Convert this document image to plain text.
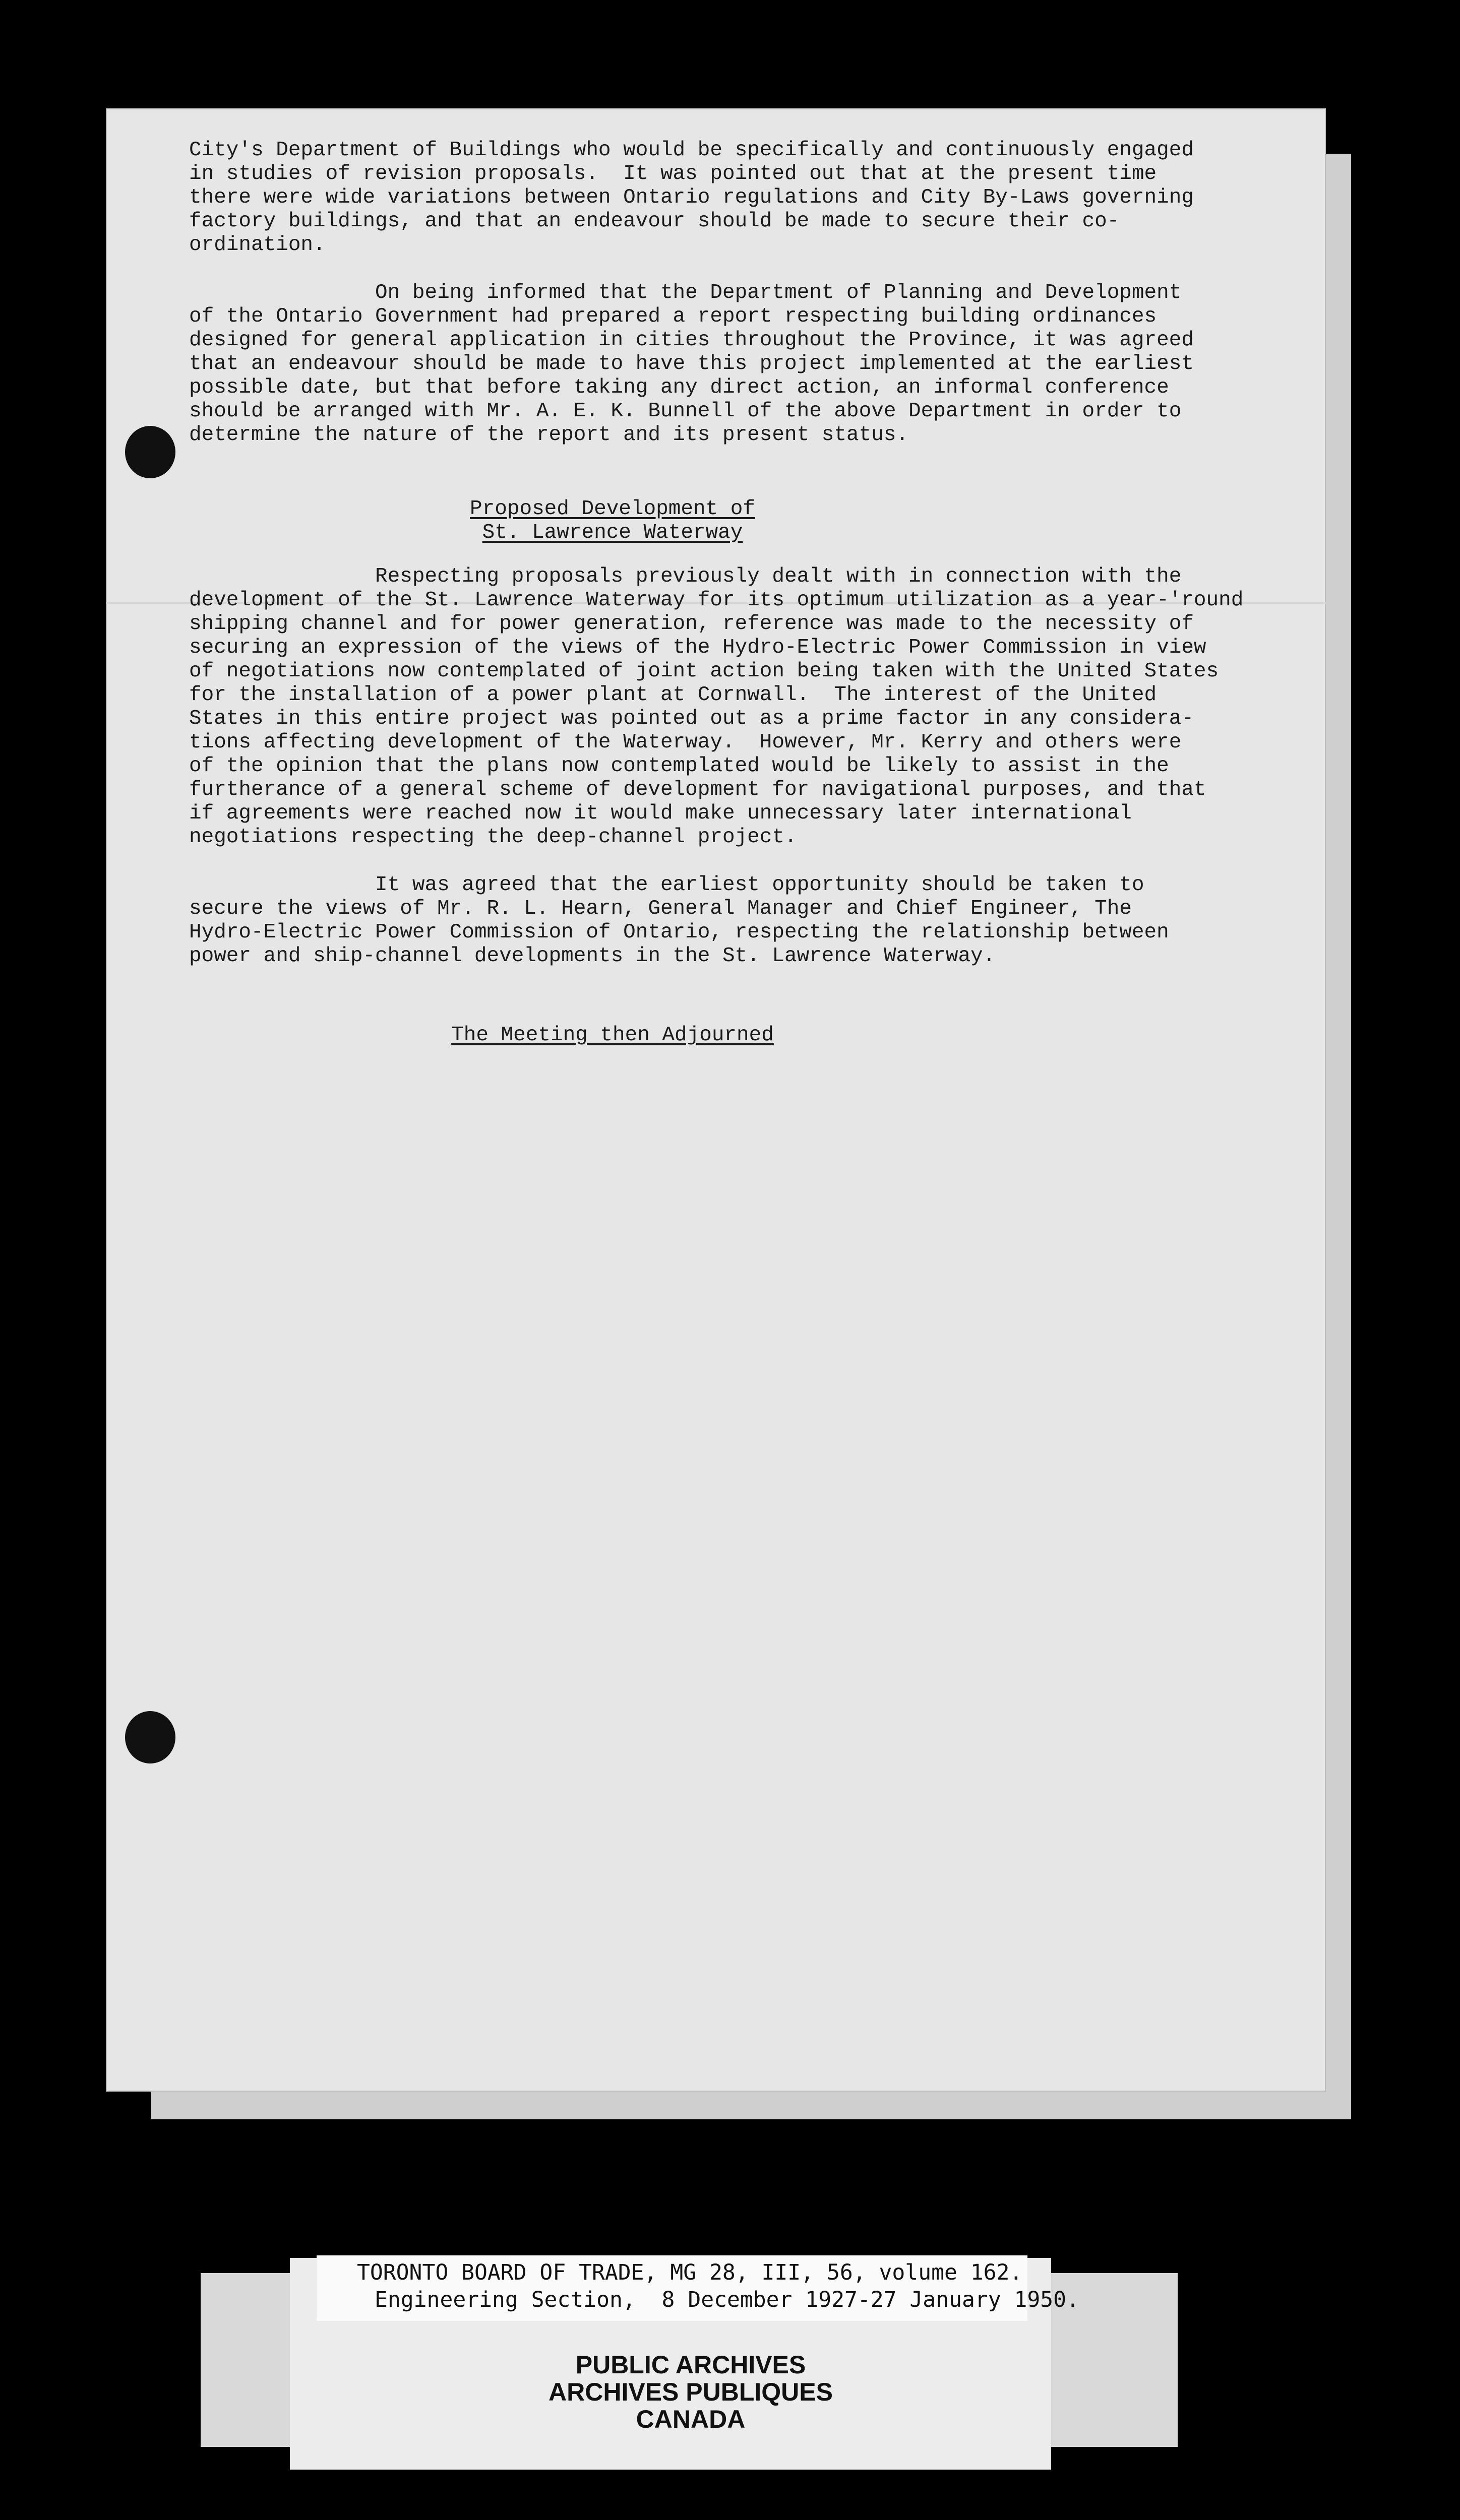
City's Department of Buildings who would be specifically and continuously engaged
in studies of revision proposals.  It was pointed out that at the present time
there were wide variations between Ontario regulations and City By-Laws governing
factory buildings, and that an endeavour should be made to secure their co-
ordination.

On being informed that the Department of Planning and Development
of the Ontario Government had prepared a report respecting building ordinances
designed for general application in cities throughout the Province, it was agreed
that an endeavour should be made to have this project implemented at the earliest
possible date, but that before taking any direct action, an informal conference
should be arranged with Mr. A. E. K. Bunnell of the above Department in order to
determine the nature of the report and its present status.

Proposed Development of
St. Lawrence Waterway

Respecting proposals previously dealt with in connection with the
development of the St. Lawrence Waterway for its optimum utilization as a year-'round
shipping channel and for power generation, reference was made to the necessity of
securing an expression of the views of the Hydro-Electric Power Commission in view
of negotiations now contemplated of joint action being taken with the United States
for the installation of a power plant at Cornwall.  The interest of the United
States in this entire project was pointed out as a prime factor in any considera-
tions affecting development of the Waterway.  However, Mr. Kerry and others were
of the opinion that the plans now contemplated would be likely to assist in the
furtherance of a general scheme of development for navigational purposes, and that
if agreements were reached now it would make unnecessary later international
negotiations respecting the deep-channel project.

It was agreed that the earliest opportunity should be taken to
secure the views of Mr. R. L. Hearn, General Manager and Chief Engineer, The
Hydro-Electric Power Commission of Ontario, respecting the relationship between
power and ship-channel developments in the St. Lawrence Waterway.

The Meeting then Adjourned
TORONTO BOARD OF TRADE, MG 28, III, 56, volume 162.
Engineering Section,  8 December 1927-27 January 1950.
PUBLIC ARCHIVES
ARCHIVES PUBLIQUES
CANADA
